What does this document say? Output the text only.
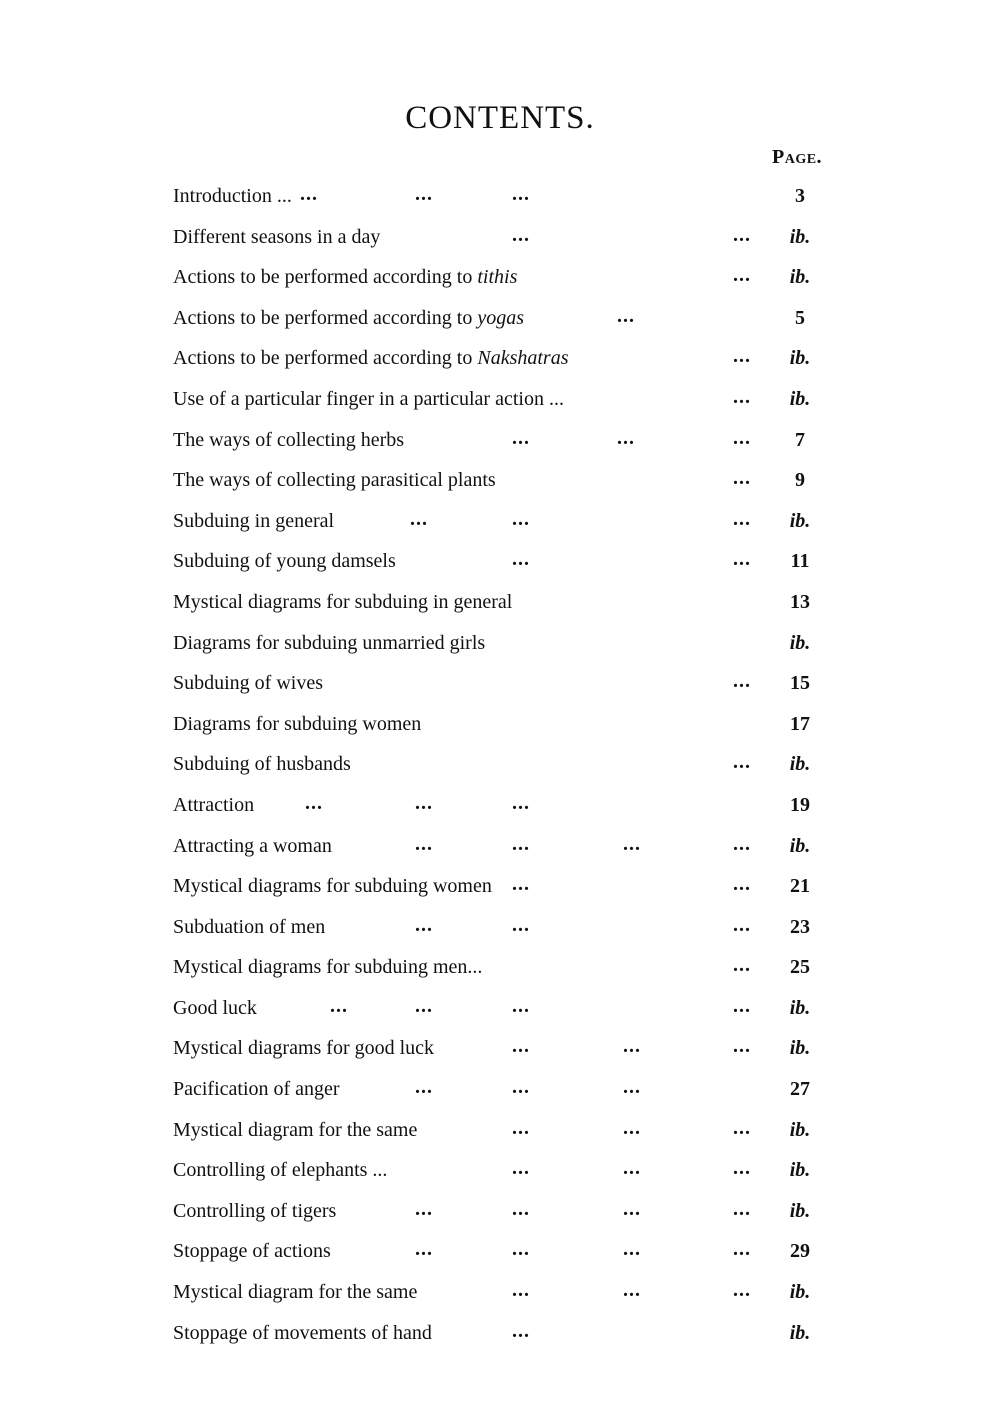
CONTENTS.
Page.
Introduction ... ...	...	...	3
Different seasons in a day	...	...	ib.
Actions to be performed according to tithis	...	ib.
Actions to be performed according to yogas	...	5
Actions to be performed according to Nakshatras	...	ib.
Use of a particular finger in a particular action ...	...	ib.
The ways of collecting herbs	...	...	...	7
The ways of collecting parasitical plants	...	9
Subduing in general	...	...	...	ib.
Subduing of young damsels	...	...	11
Mystical diagrams for subduing in general	13
Diagrams for subduing unmarried girls	ib.
Subduing of wives	...	15
Diagrams for subduing women	17
Subduing of husbands	...	ib.
Attraction	...	...	...	19
Attracting a woman	...	...	...	...	ib.
Mystical diagrams for subduing women ...	...	21
Subduation of men	...	...	...	23
Mystical diagrams for subduing men...	...	25
Good luck	...	...	...	...	ib.
Mystical diagrams for good luck	...	...	...	ib.
Pacification of anger	...	...	...	27
Mystical diagram for the same	...	...	...	ib.
Controlling of elephants ...	...	...	...	ib.
Controlling of tigers	...	...	...	...	ib.
Stoppage of actions	...	...	...	...	29
Mystical diagram for the same	...	...	...	ib.
Stoppage of movements of hand	...	ib.
